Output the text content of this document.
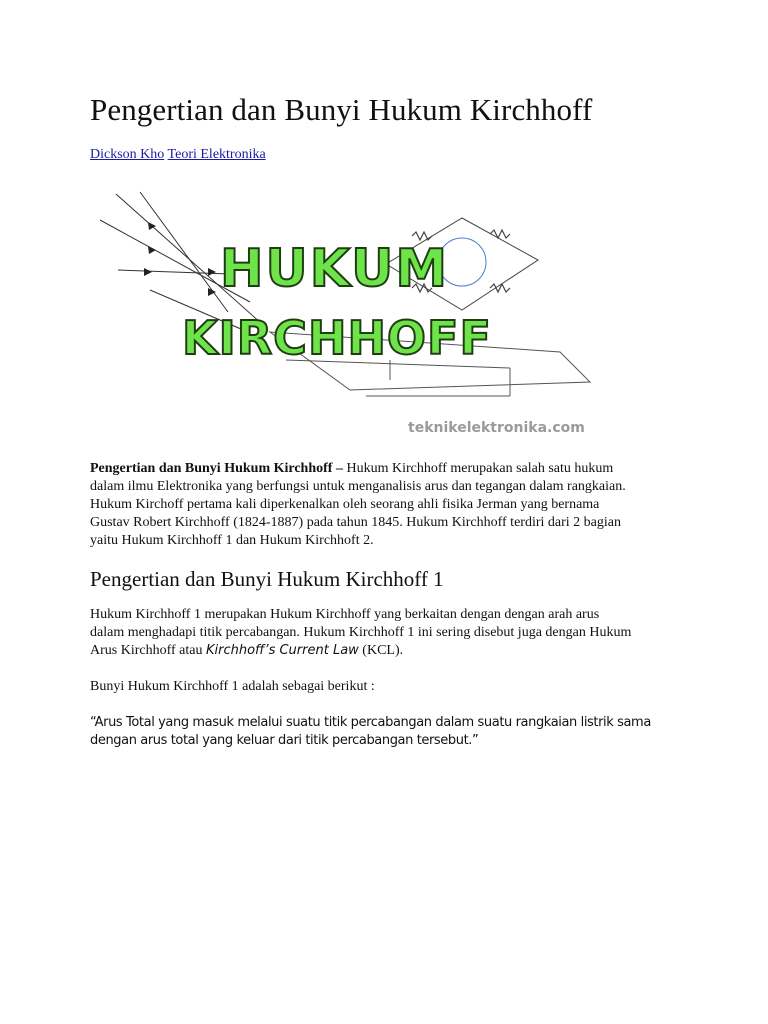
Pengertian dan Bunyi Hukum Kirchhoff
Dickson Kho Teori Elektronika
HUKUM
KIRCHHOFF
teknikelektronika.com

Pengertian dan Bunyi Hukum Kirchhoff – Hukum Kirchhoff merupakan salah satu hukum
dalam ilmu Elektronika yang berfungsi untuk menganalisis arus dan tegangan dalam rangkaian.
Hukum Kirchoff pertama kali diperkenalkan oleh seorang ahli fisika Jerman yang bernama
Gustav Robert Kirchhoff (1824-1887) pada tahun 1845. Hukum Kirchhoff terdiri dari 2 bagian
yaitu Hukum Kirchhoff 1 dan Hukum Kirchhoft 2.

Pengertian dan Bunyi Hukum Kirchhoff 1

Hukum Kirchhoff 1 merupakan Hukum Kirchhoff yang berkaitan dengan dengan arah arus
dalam menghadapi titik percabangan. Hukum Kirchhoff 1 ini sering disebut juga dengan Hukum
Arus Kirchhoff atau Kirchhoff’s Current Law (KCL).

Bunyi Hukum Kirchhoff 1 adalah sebagai berikut :

“Arus Total yang masuk melalui suatu titik percabangan dalam suatu rangkaian listrik sama
dengan arus total yang keluar dari titik percabangan tersebut.”
